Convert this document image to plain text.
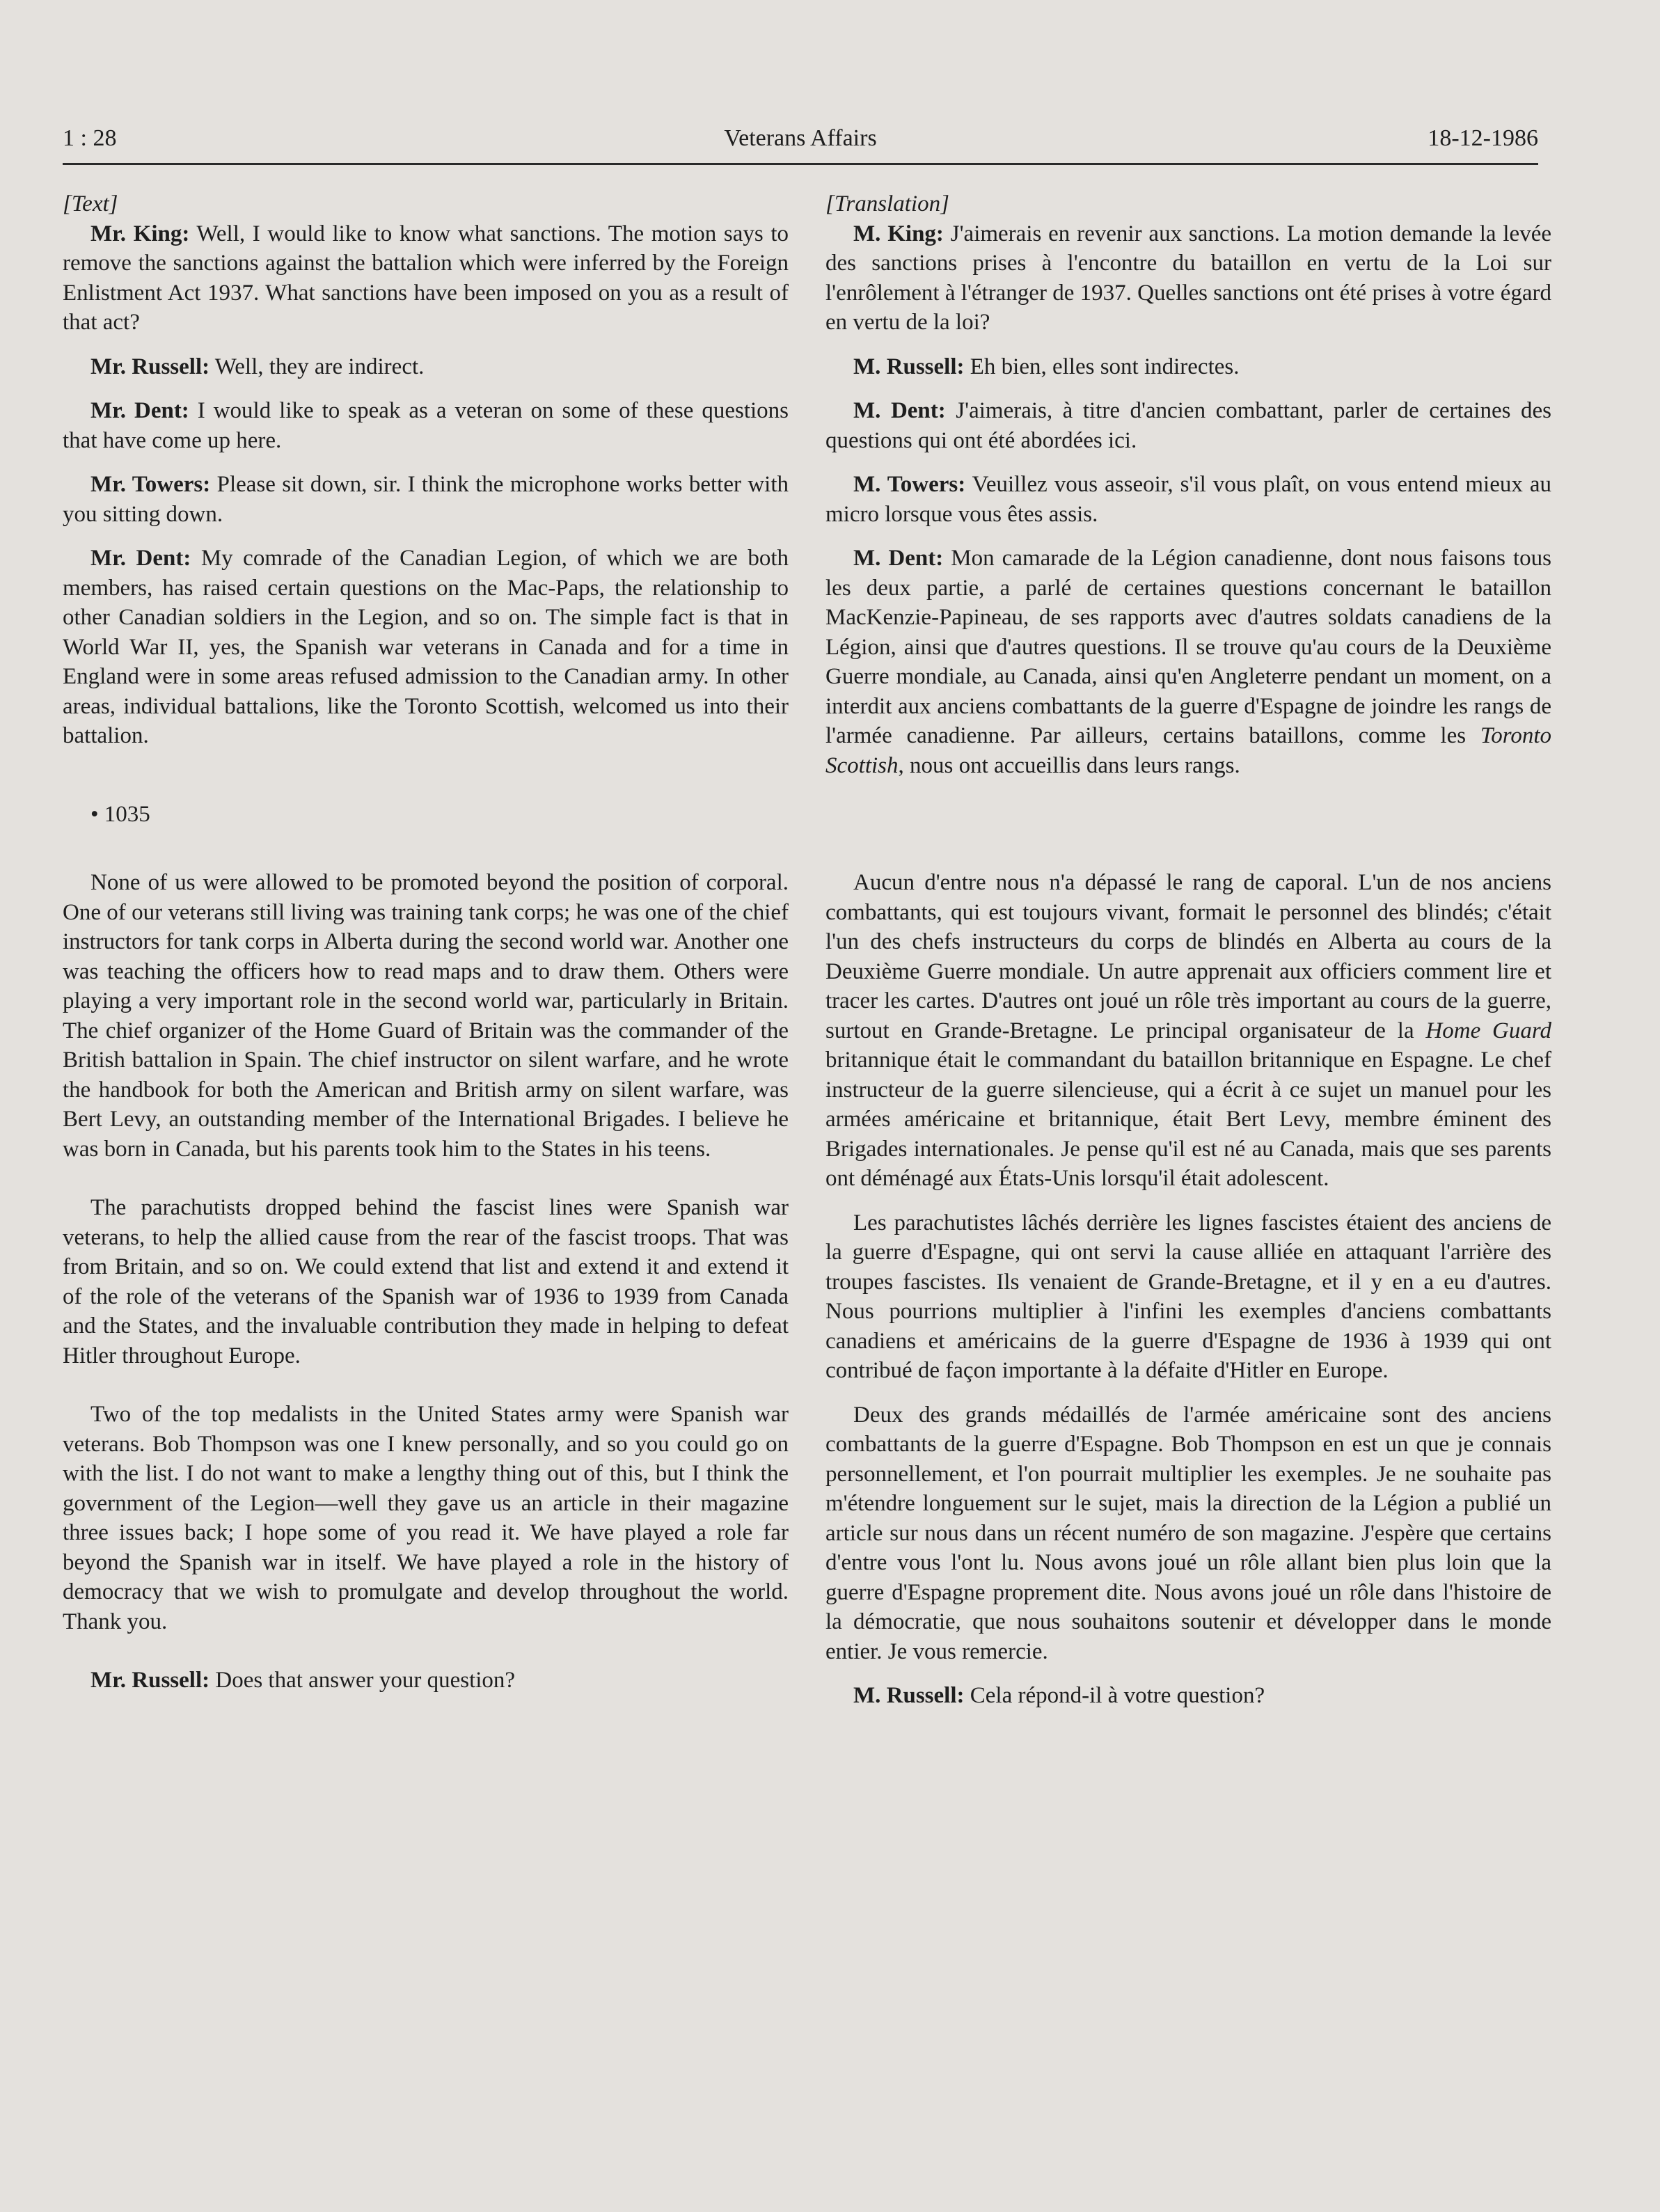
Veterans Affairs
1 : 28	18-12-1986

[Text]

Mr. King: Well, I would like to know what sanctions. The motion says to remove the sanctions against the battalion which were inferred by the Foreign Enlistment Act 1937. What sanctions have been imposed on you as a result of that act?

Mr. Russell: Well, they are indirect.

Mr. Dent: I would like to speak as a veteran on some of these questions that have come up here.

Mr. Towers: Please sit down, sir. I think the microphone works better with you sitting down.

Mr. Dent: My comrade of the Canadian Legion, of which we are both members, has raised certain questions on the Mac-Paps, the relationship to other Canadian soldiers in the Legion, and so on. The simple fact is that in World War II, yes, the Spanish war veterans in Canada and for a time in England were in some areas refused admission to the Canadian army. In other areas, individual battalions, like the Toronto Scottish, welcomed us into their battalion.

• 1035

None of us were allowed to be promoted beyond the position of corporal. One of our veterans still living was training tank corps; he was one of the chief instructors for tank corps in Alberta during the second world war. Another one was teaching the officers how to read maps and to draw them. Others were playing a very important role in the second world war, particularly in Britain. The chief organizer of the Home Guard of Britain was the commander of the British battalion in Spain. The chief instructor on silent warfare, and he wrote the handbook for both the American and British army on silent warfare, was Bert Levy, an outstanding member of the International Brigades. I believe he was born in Canada, but his parents took him to the States in his teens.

The parachutists dropped behind the fascist lines were Spanish war veterans, to help the allied cause from the rear of the fascist troops. That was from Britain, and so on. We could extend that list and extend it and extend it of the role of the veterans of the Spanish war of 1936 to 1939 from Canada and the States, and the invaluable contribution they made in helping to defeat Hitler throughout Europe.

Two of the top medalists in the United States army were Spanish war veterans. Bob Thompson was one I knew personally, and so you could go on with the list. I do not want to make a lengthy thing out of this, but I think the government of the Legion—well they gave us an article in their magazine three issues back; I hope some of you read it. We have played a role far beyond the Spanish war in itself. We have played a role in the history of democracy that we wish to promulgate and develop throughout the world. Thank you.

Mr. Russell: Does that answer your question?

[Translation]

M. King: J'aimerais en revenir aux sanctions. La motion demande la levée des sanctions prises à l'encontre du bataillon en vertu de la Loi sur l'enrôlement à l'étranger de 1937. Quelles sanctions ont été prises à votre égard en vertu de la loi?

M. Russell: Eh bien, elles sont indirectes.

M. Dent: J'aimerais, à titre d'ancien combattant, parler de certaines des questions qui ont été abordées ici.

M. Towers: Veuillez vous asseoir, s'il vous plaît, on vous entend mieux au micro lorsque vous êtes assis.

M. Dent: Mon camarade de la Légion canadienne, dont nous faisons tous les deux partie, a parlé de certaines questions concernant le bataillon MacKenzie-Papineau, de ses rapports avec d'autres soldats canadiens de la Légion, ainsi que d'autres questions. Il se trouve qu'au cours de la Deuxième Guerre mondiale, au Canada, ainsi qu'en Angleterre pendant un moment, on a interdit aux anciens combattants de la guerre d'Espagne de joindre les rangs de l'armée canadienne. Par ailleurs, certains bataillons, comme les Toronto Scottish, nous ont accueillis dans leurs rangs.

Aucun d'entre nous n'a dépassé le rang de caporal. L'un de nos anciens combattants, qui est toujours vivant, formait le personnel des blindés; c'était l'un des chefs instructeurs du corps de blindés en Alberta au cours de la Deuxième Guerre mondiale. Un autre apprenait aux officiers comment lire et tracer les cartes. D'autres ont joué un rôle très important au cours de la guerre, surtout en Grande-Bretagne. Le principal organisateur de la Home Guard britannique était le commandant du bataillon britannique en Espagne. Le chef instructeur de la guerre silencieuse, qui a écrit à ce sujet un manuel pour les armées américaine et britannique, était Bert Levy, membre éminent des Brigades internationales. Je pense qu'il est né au Canada, mais que ses parents ont déménagé aux États-Unis lorsqu'il était adolescent.

Les parachutistes lâchés derrière les lignes fascistes étaient des anciens de la guerre d'Espagne, qui ont servi la cause alliée en attaquant l'arrière des troupes fascistes. Ils venaient de Grande-Bretagne, et il y en a eu d'autres. Nous pourrions multiplier à l'infini les exemples d'anciens combattants canadiens et américains de la guerre d'Espagne de 1936 à 1939 qui ont contribué de façon importante à la défaite d'Hitler en Europe.

Deux des grands médaillés de l'armée américaine sont des anciens combattants de la guerre d'Espagne. Bob Thompson en est un que je connais personnellement, et l'on pourrait multiplier les exemples. Je ne souhaite pas m'étendre longuement sur le sujet, mais la direction de la Légion a publié un article sur nous dans un récent numéro de son magazine. J'espère que certains d'entre vous l'ont lu. Nous avons joué un rôle allant bien plus loin que la guerre d'Espagne proprement dite. Nous avons joué un rôle dans l'histoire de la démocratie, que nous souhaitons soutenir et développer dans le monde entier. Je vous remercie.

M. Russell: Cela répond-il à votre question?
